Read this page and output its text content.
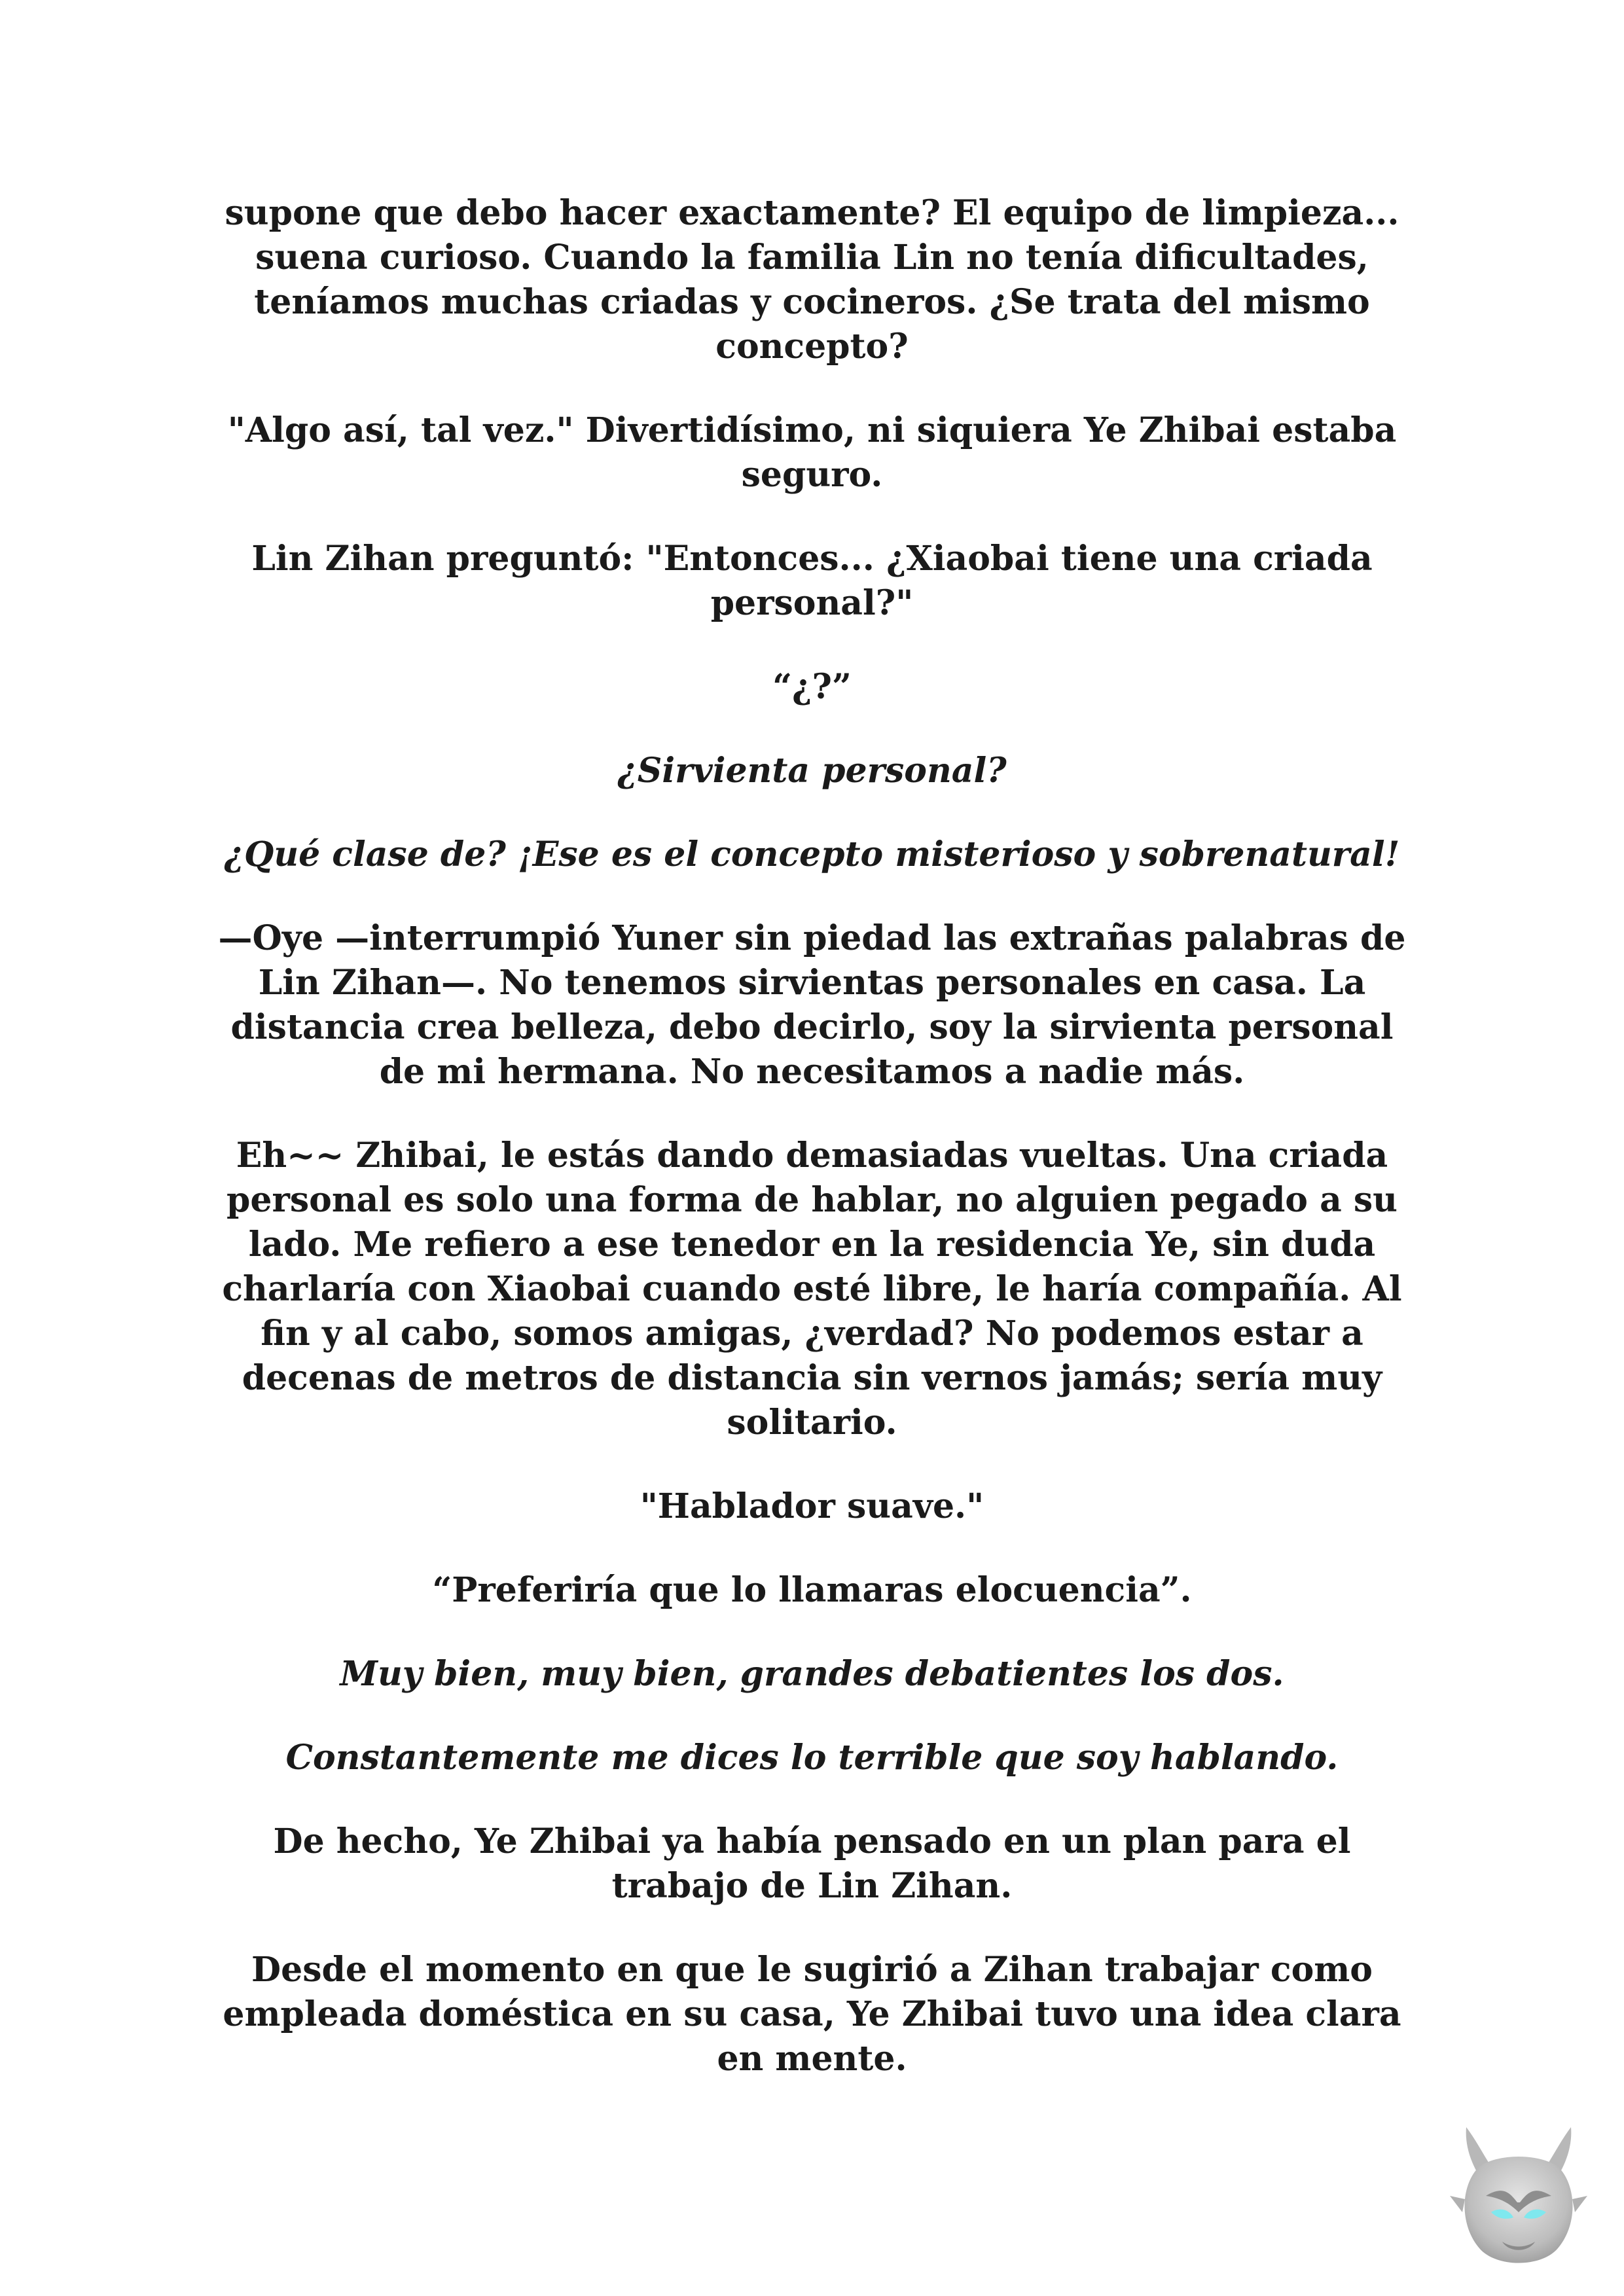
supone que debo hacer exactamente? El equipo de limpieza... suena curioso. Cuando la familia Lin no tenía dificultades, teníamos muchas criadas y cocineros. ¿Se trata del mismo concepto?

"Algo así, tal vez." Divertidísimo, ni siquiera Ye Zhibai estaba seguro.

Lin Zihan preguntó: "Entonces... ¿Xiaobai tiene una criada personal?"

“¿?”

¿Sirvienta personal?

¿Qué clase de? ¡Ese es el concepto misterioso y sobrenatural!

—Oye —interrumpió Yuner sin piedad las extrañas palabras de Lin Zihan—. No tenemos sirvientas personales en casa. La distancia crea belleza, debo decirlo, soy la sirvienta personal de mi hermana. No necesitamos a nadie más.

Eh~~ Zhibai, le estás dando demasiadas vueltas. Una criada personal es solo una forma de hablar, no alguien pegado a su lado. Me refiero a ese tenedor en la residencia Ye, sin duda charlaría con Xiaobai cuando esté libre, le haría compañía. Al fin y al cabo, somos amigas, ¿verdad? No podemos estar a decenas de metros de distancia sin vernos jamás; sería muy solitario.

"Hablador suave."

“Preferiría que lo llamaras elocuencia”.

Muy bien, muy bien, grandes debatientes los dos.

Constantemente me dices lo terrible que soy hablando.

De hecho, Ye Zhibai ya había pensado en un plan para el trabajo de Lin Zihan.

Desde el momento en que le sugirió a Zihan trabajar como empleada doméstica en su casa, Ye Zhibai tuvo una idea clara en mente.
